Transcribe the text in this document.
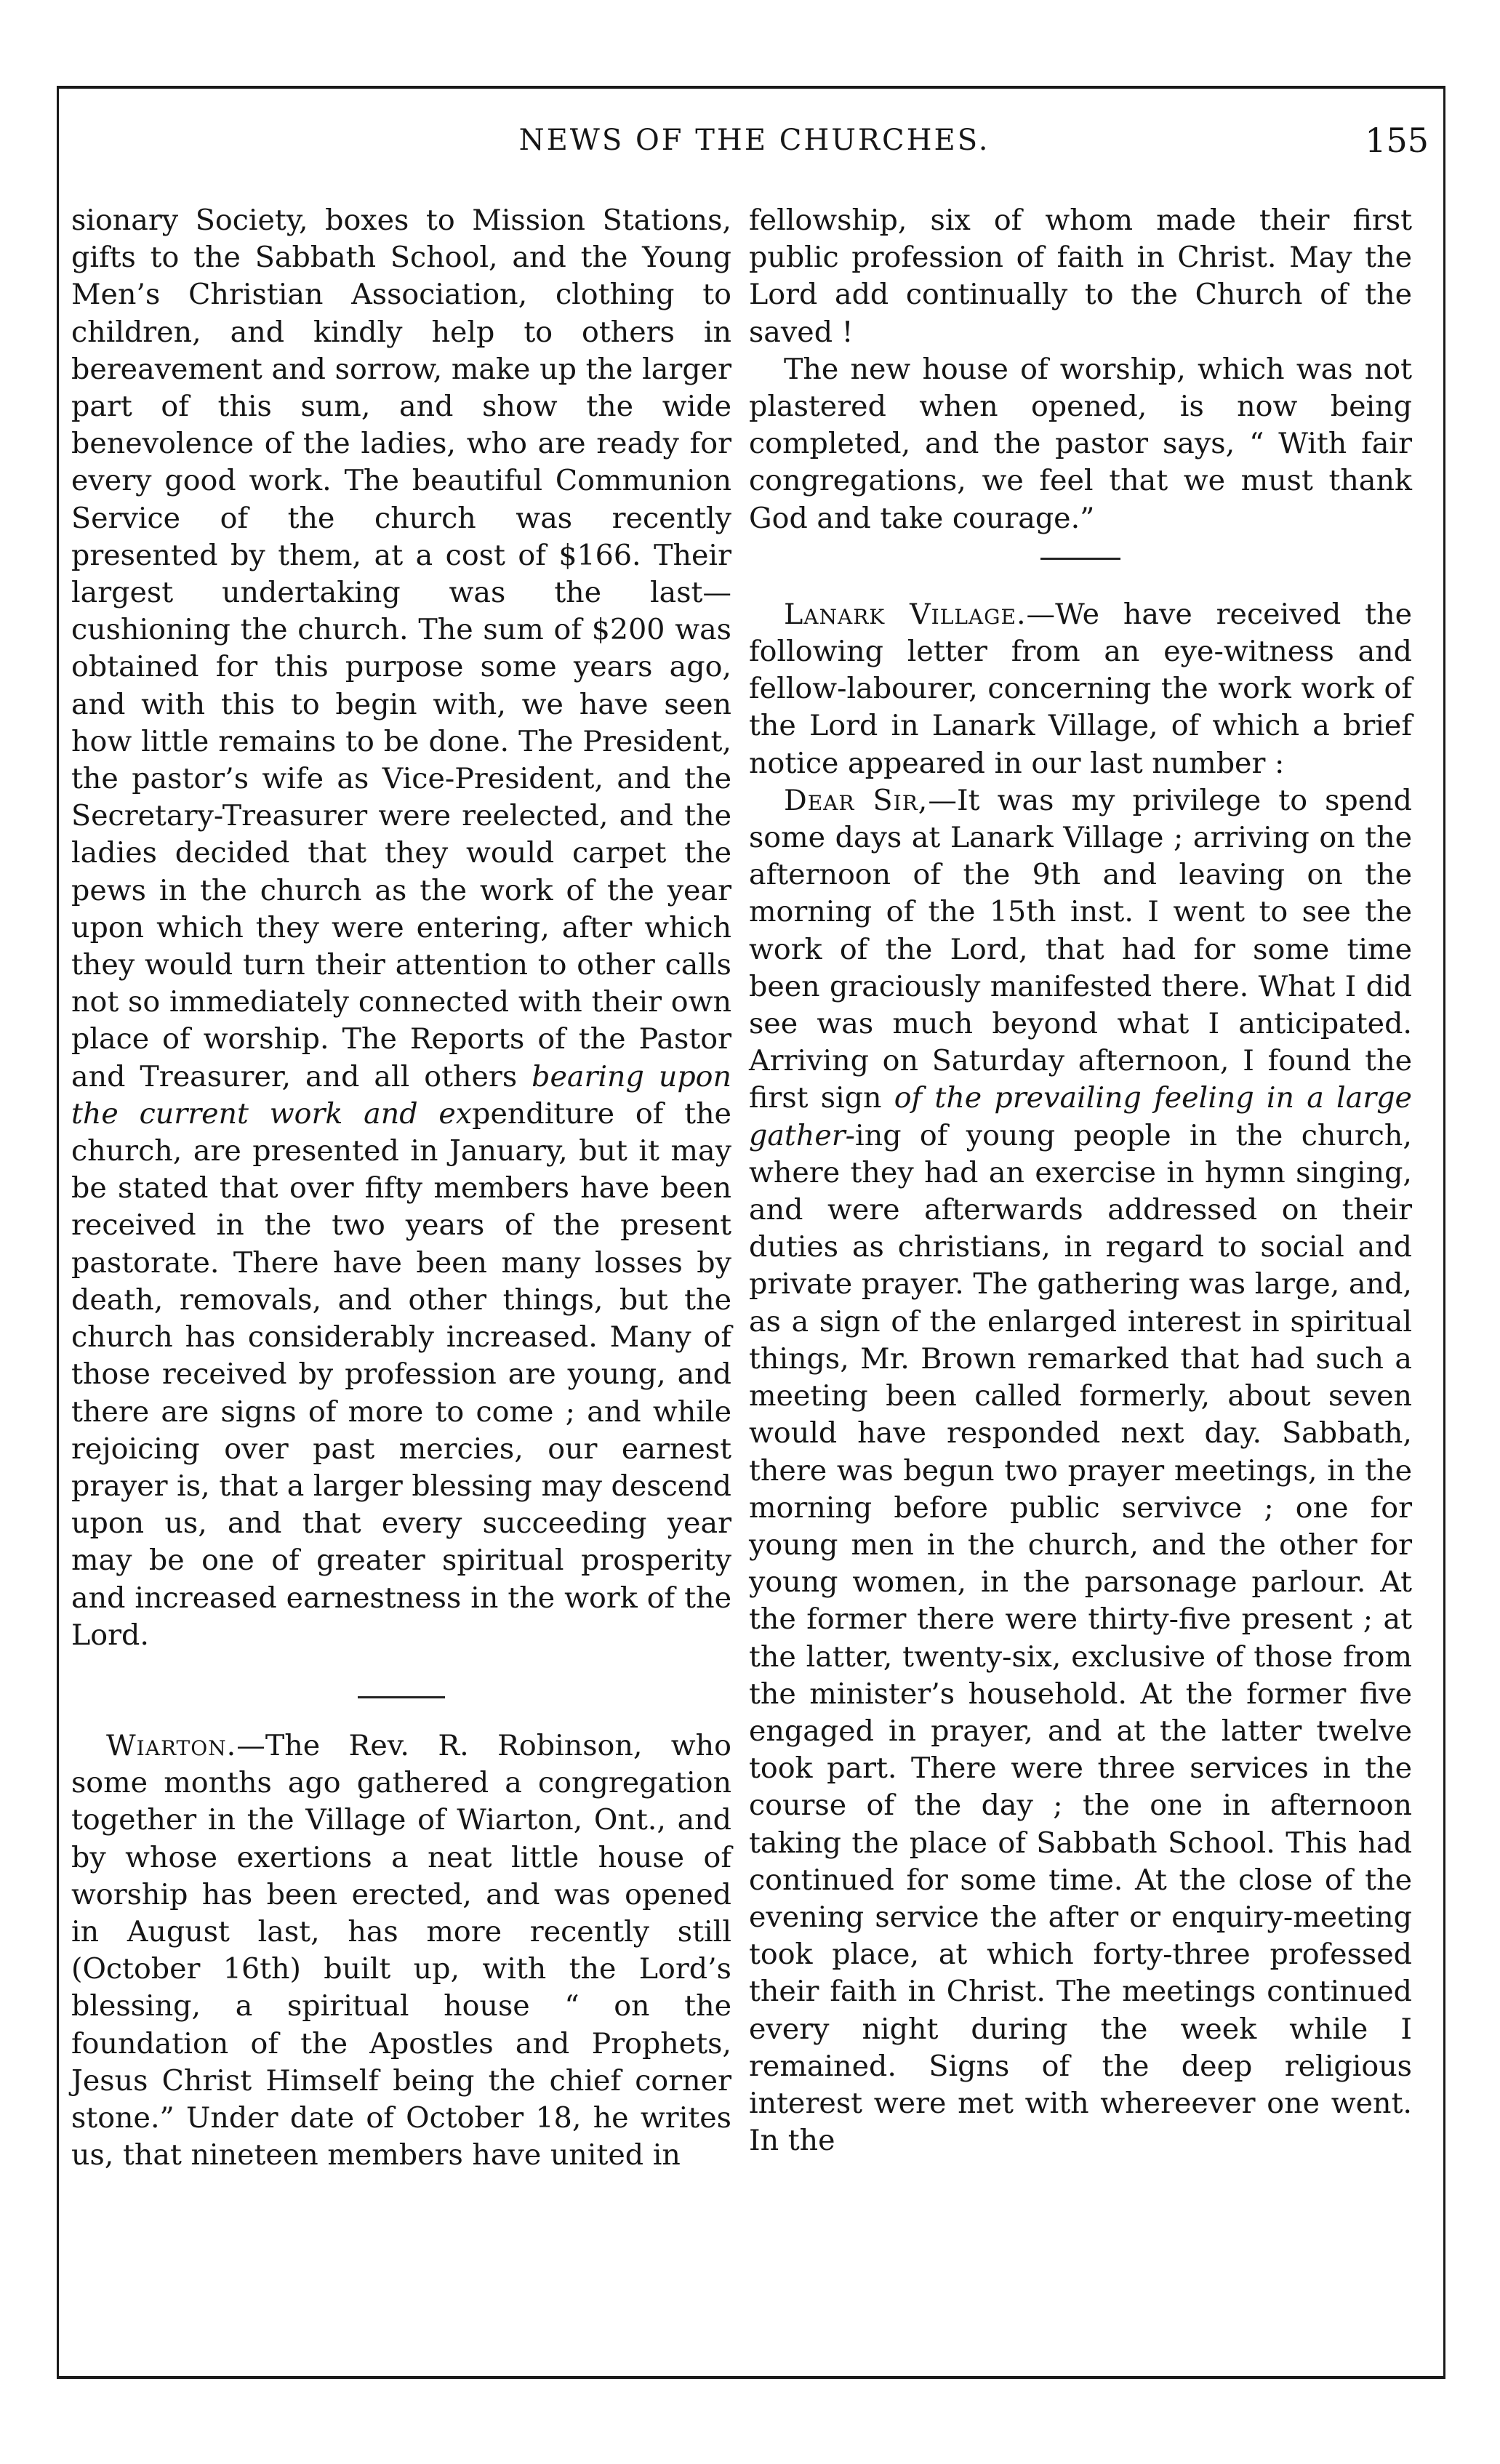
NEWS OF THE CHURCHES.	155

sionary Society, boxes to Mission Stations, gifts to the Sabbath School, and the Young Men’s Christian Association, clothing to children, and kindly help to others in bereavement and sorrow, make up the larger part of this sum, and show the wide benevolence of the ladies, who are ready for every good work. The beautiful Communion Service of the church was recently presented by them, at a cost of $166. Their largest undertaking was the last—cushioning the church. The sum of $200 was obtained for this purpose some years ago, and with this to begin with, we have seen how little remains to be done. The President, the pastor’s wife as Vice-President, and the Secretary-Treasurer were reelected, and the ladies decided that they would carpet the pews in the church as the work of the year upon which they were entering, after which they would turn their attention to other calls not so immediately connected with their own place of worship. The Reports of the Pastor and Treasurer, and all others bearing upon the current work and expenditure of the church, are presented in January, but it may be stated that over fifty members have been received in the two years of the present pastorate. There have been many losses by death, removals, and other things, but the church has considerably increased. Many of those received by profession are young, and there are signs of more to come ; and while rejoicing over past mercies, our earnest prayer is, that a larger blessing may descend upon us, and that every succeeding year may be one of greater spiritual prosperity and increased earnestness in the work of the Lord.

Wiarton.—The Rev. R. Robinson, who some months ago gathered a congregation together in the Village of Wiarton, Ont., and by whose exertions a neat little house of worship has been erected, and was opened in August last, has more recently still (October 16th) built up, with the Lord’s blessing, a spiritual house “ on the foundation of the Apostles and Prophets, Jesus Christ Himself being the chief corner stone.” Under date of October 18, he writes us, that nineteen members have united in

fellowship, six of whom made their first public profession of faith in Christ. May the Lord add continually to the Church of the saved !

The new house of worship, which was not plastered when opened, is now being completed, and the pastor says, “ With fair congregations, we feel that we must thank God and take courage.”

Lanark Village.—We have received the following letter from an eye-witness and fellow-labourer, concerning the work work of the Lord in Lanark Village, of which a brief notice appeared in our last number :

Dear Sir,—It was my privilege to spend some days at Lanark Village ; arriving on the afternoon of the 9th and leaving on the morning of the 15th inst. I went to see the work of the Lord, that had for some time been graciously manifested there. What I did see was much beyond what I anticipated. Arriving on Saturday afternoon, I found the first sign of the prevailing feeling in a large gather-ing of young people in the church, where they had an exercise in hymn singing, and were afterwards addressed on their duties as christians, in regard to social and private prayer. The gathering was large, and, as a sign of the enlarged interest in spiritual things, Mr. Brown remarked that had such a meeting been called formerly, about seven would have responded next day. Sabbath, there was begun two prayer meetings, in the morning before public servivce ; one for young men in the church, and the other for young women, in the parsonage parlour. At the former there were thirty-five present ; at the latter, twenty-six, exclusive of those from the minister’s household. At the former five engaged in prayer, and at the latter twelve took part. There were three services in the course of the day ; the one in afternoon taking the place of Sabbath School. This had continued for some time. At the close of the evening service the after or enquiry-meeting took place, at which forty-three professed their faith in Christ. The meetings continued every night during the week while I remained. Signs of the deep religious interest were met with whereever one went. In the
